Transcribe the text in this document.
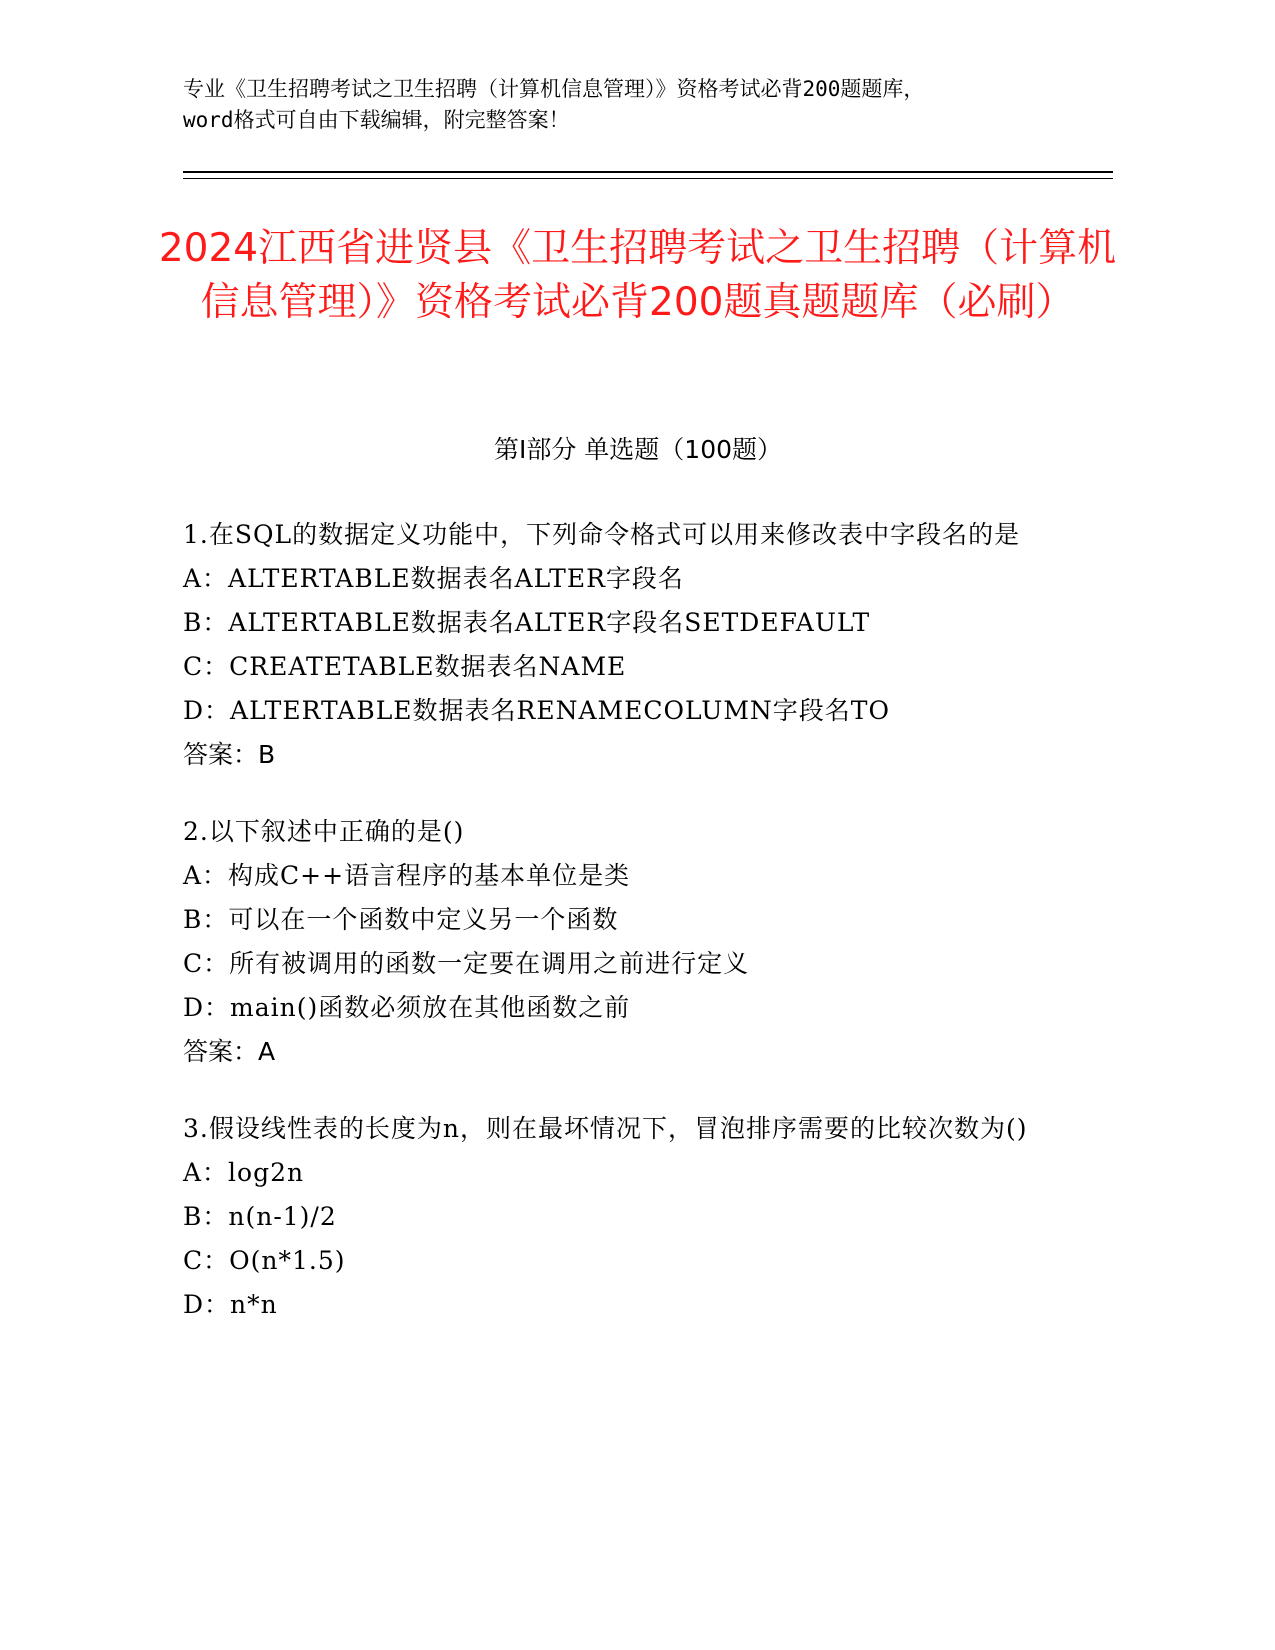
专业《卫生招聘考试之卫生招聘（计算机信息管理）》资格考试必背200题题库，
word格式可自由下载编辑，附完整答案！
2024江西省进贤县《卫生招聘考试之卫生招聘（计算机信息管理）》资格考试必背200题真题题库（必刷）
第I部分 单选题（100题）

1.在SQL的数据定义功能中，下列命令格式可以用来修改表中字段名的是

A：ALTERTABLE数据表名ALTER字段名

B：ALTERTABLE数据表名ALTER字段名SETDEFAULT

C：CREATETABLE数据表名NAME

D：ALTERTABLE数据表名RENAMECOLUMN字段名TO

答案：B

2.以下叙述中正确的是()

A：构成C++语言程序的基本单位是类

B：可以在一个函数中定义另一个函数

C：所有被调用的函数一定要在调用之前进行定义

D：main()函数必须放在其他函数之前

答案：A

3.假设线性表的长度为n，则在最坏情况下，冒泡排序需要的比较次数为()

A：log2n

B：n(n-1)/2

C：O(n*1.5)

D：n*n
